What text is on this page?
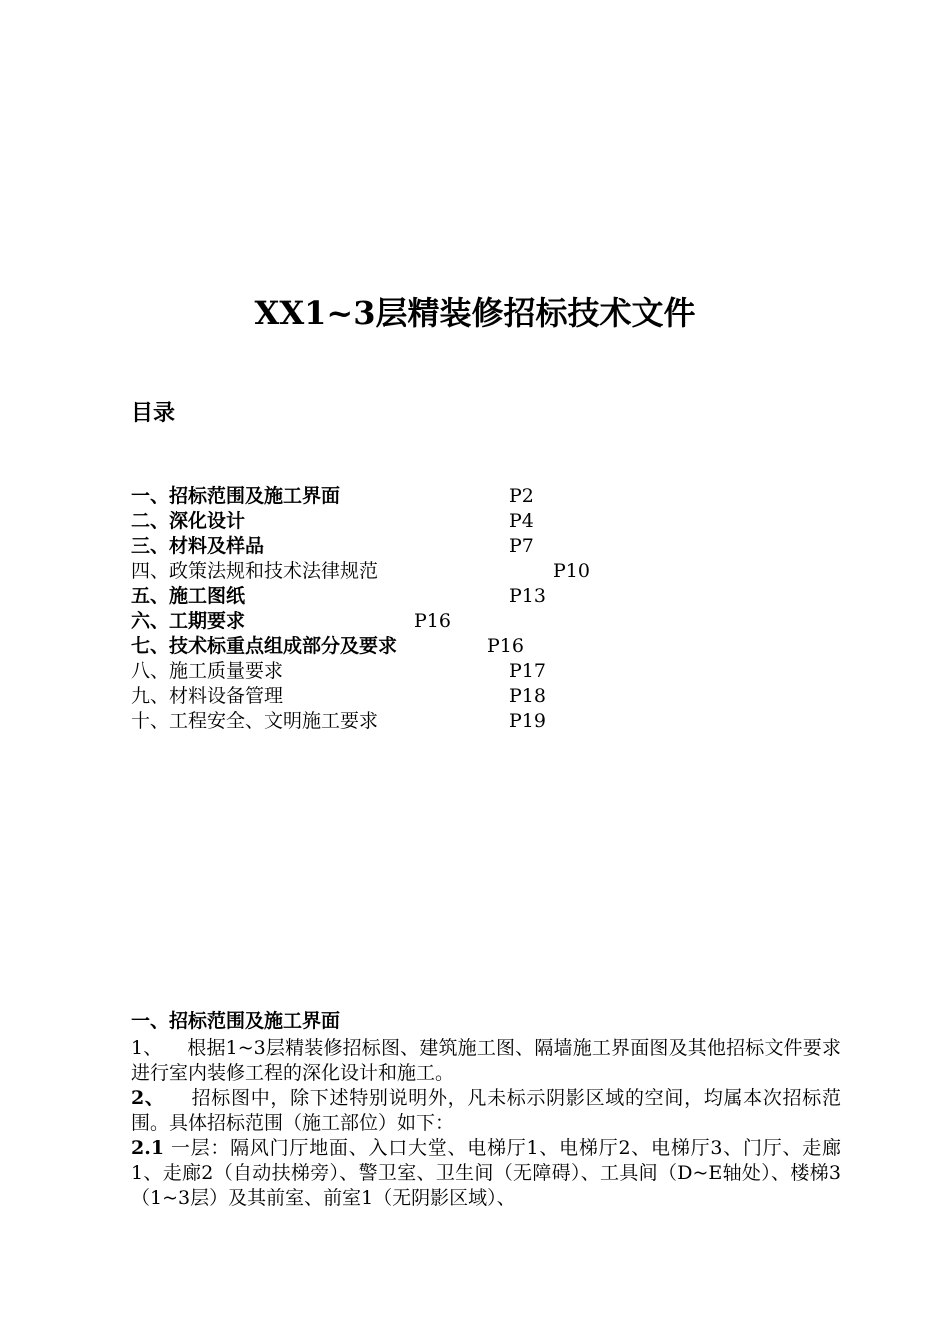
XX1~3层精装修招标技术文件
目录
一、招标范围及施工界面	P2
二、深化设计	P4
三、材料及样品	P7
四、政策法规和技术法律规范	P10
五、施工图纸	P13
六、工期要求	P16
七、技术标重点组成部分及要求	P16
八、施工质量要求	P17
九、材料设备管理	P18
十、工程安全、文明施工要求	P19
一、招标范围及施工界面

1、 根据1~3层精装修招标图、建筑施工图、隔墙施工界面图及其他招标文件要求进行室内装修工程的深化设计和施工。

2、 招标图中，除下述特别说明外，凡未标示阴影区域的空间，均属本次招标范围。具体招标范围（施工部位）如下：

2.1 一层：隔风门厅地面、入口大堂、电梯厅1、电梯厅2、电梯厅3、门厅、走廊1、走廊2（自动扶梯旁）、警卫室、卫生间（无障碍）、工具间（D~E轴处）、楼梯3（1~3层）及其前室、前室1（无阴影区域）、
